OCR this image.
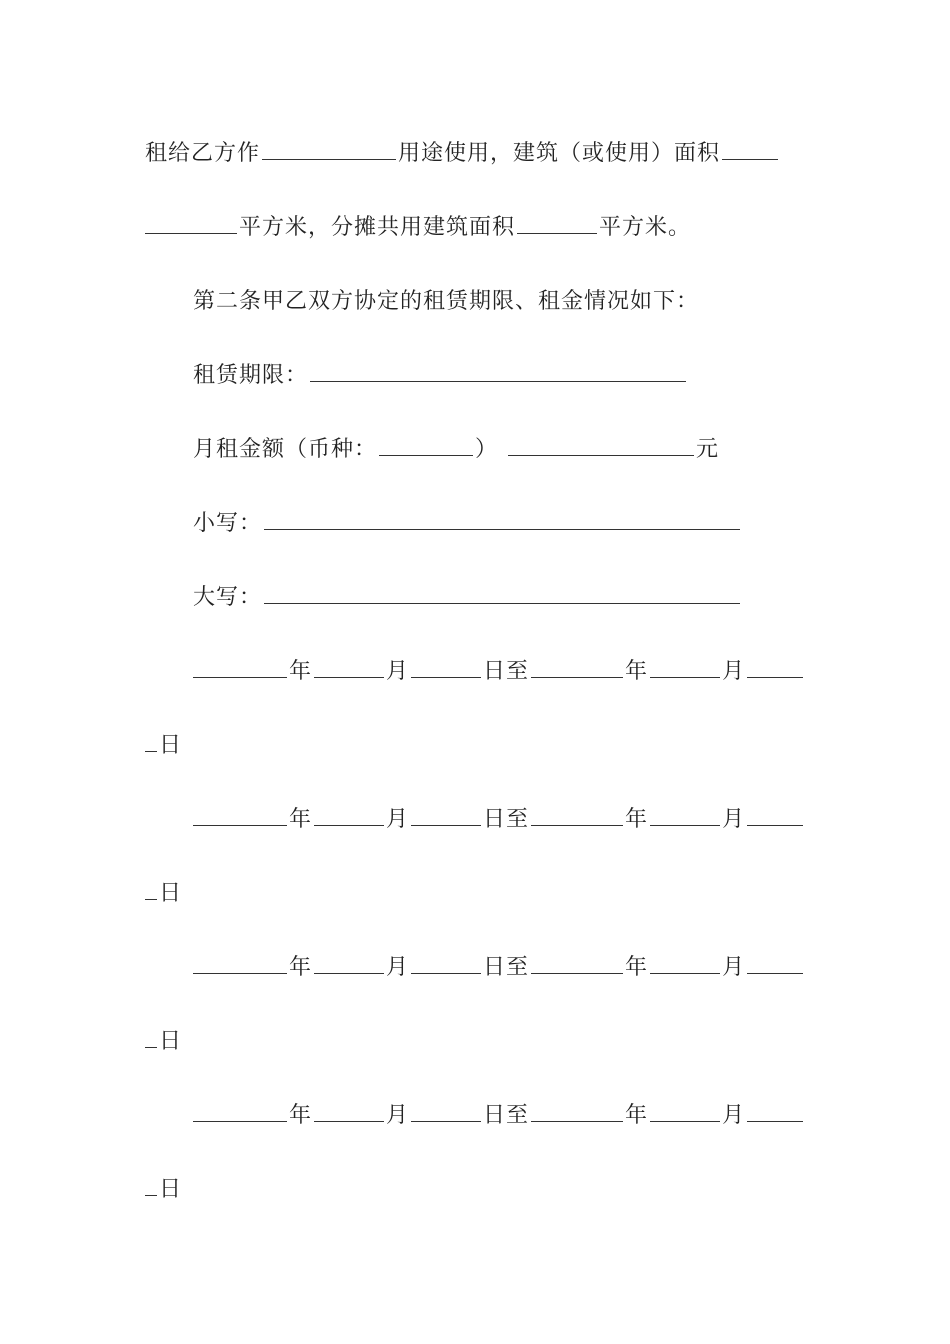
租给乙方作	用途使用，建筑（或使用）面积
平方米，分摊共用建筑面积	平方米。
第二条甲乙双方协定的租赁期限、租金情况如下：
租赁期限：
月租金额（币种：	）	元
小写：
大写：
年	月	日至	年	月
日
年	月	日至	年	月
日
年	月	日至	年	月
日
年	月	日至	年	月
日
